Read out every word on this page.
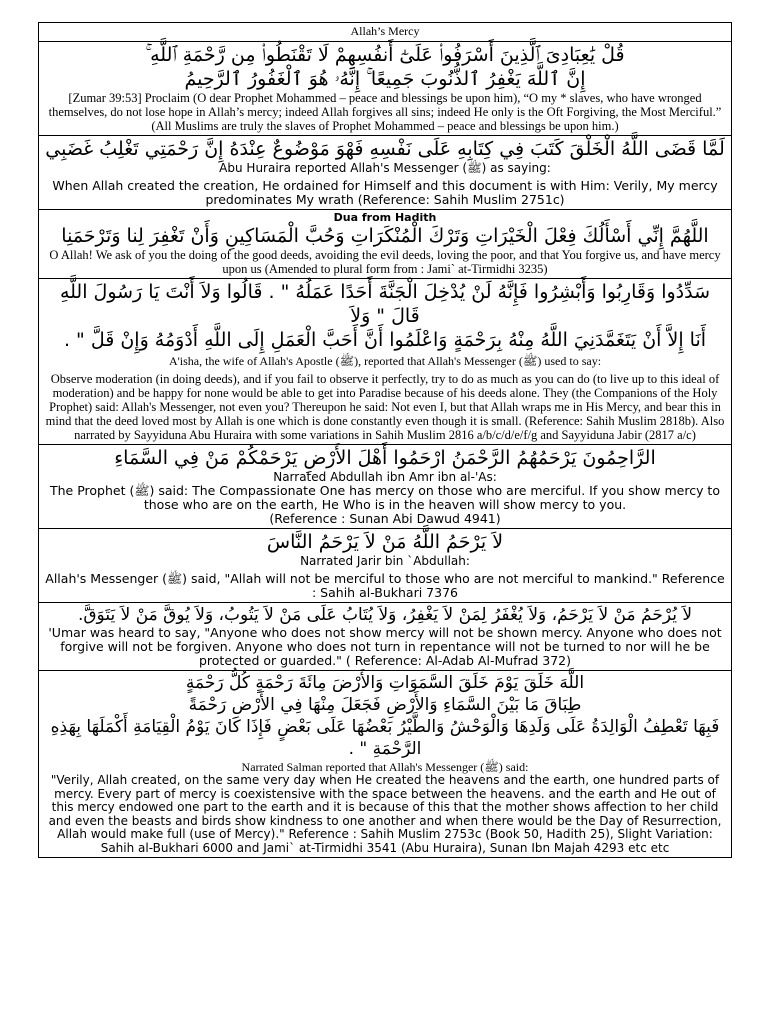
Allah’s Mercy
قُلْ يَٰعِبَادِىَ ٱلَّذِينَ أَسْرَفُوا۟ عَلَىٰٓ أَنفُسِهِمْ لَا تَقْنَطُوا۟ مِن رَّحْمَةِ ٱللَّهِ ۚ
إِنَّ ٱللَّهَ يَغْفِرُ ٱلذُّنُوبَ جَمِيعًا ۚ إِنَّهُۥ هُوَ ٱلْغَفُورُ ٱلرَّحِيمُ
[Zumar 39:53] Proclaim (O dear Prophet Mohammed – peace and blessings be upon him), “O my * slaves, who have wronged themselves, do not lose hope in Allah’s mercy; indeed Allah forgives all sins; indeed He only is the Oft Forgiving, the Most Merciful.” (All Muslims are truly the slaves of Prophet Mohammed – peace and blessings be upon him.)
لَمَّا قَضَى اللَّهُ الْخَلْقَ كَتَبَ فِي كِتَابِهِ عَلَى نَفْسِهِ فَهْوَ مَوْضُوعٌ عِنْدَهُ إِنَّ رَحْمَتِي تَغْلِبُ غَضَبِي
Abu Huraira reported Allah's Messenger (ﷺ) as saying:
When Allah created the creation, He ordained for Himself and this document is with Him: Verily, My mercy predominates My wrath (Reference: Sahih Muslim 2751c)
Dua from Hadith
اللَّهُمَّ إِنِّي أَسْأَلُكَ فِعْلَ الْخَيْرَاتِ وَتَرْكَ الْمُنْكَرَاتِ وَحُبَّ الْمَسَاكِينِ وَأَنْ تَغْفِرَ لِنا وَتَرْحَمَنِا
O Allah! We ask of you the doing of the good deeds, avoiding the evil deeds, loving the poor, and that You forgive us, and have mercy upon us (Amended to plural form from : Jami` at-Tirmidhi 3235)
سَدِّدُوا وَقَارِبُوا وَأَبْشِرُوا فَإِنَّهُ لَنْ يُدْخِلَ الْجَنَّةَ أَحَدًا عَمَلُهُ " . قَالُوا وَلاَ أَنْتَ يَا رَسُولَ اللَّهِ قَالَ " وَلاَ
أَنَا إِلاَّ أَنْ يَتَغَمَّدَنِيَ اللَّهُ مِنْهُ بِرَحْمَةٍ وَاعْلَمُوا أَنَّ أَحَبَّ الْعَمَلِ إِلَى اللَّهِ أَدْوَمُهُ وَإِنْ قَلَّ " .
A'isha, the wife of Allah's Apostle (ﷺ), reported that Allah's Messenger (ﷺ) used to say:
Observe moderation (in doing deeds), and if you fail to observe it perfectly, try to do as much as you can do (to live up to this ideal of moderation) and be happy for none would be able to get into Paradise because of his deeds alone. They (the Companions of the Holy Prophet) said: Allah's Messenger, not even you? Thereupon he said: Not even I, but that Allah wraps me in His Mercy, and bear this in mind that the deed loved most by Allah is one which is done constantly even though it is small. (Reference: Sahih Muslim 2818b). Also narrated by Sayyiduna Abu Huraira with some variations in Sahih Muslim 2816 a/b/c/d/e/f/g and Sayyiduna Jabir (2817 a/c)
الرَّاحِمُونَ يَرْحَمُهُمُ الرَّحْمَنُ ارْحَمُوا أَهْلَ الأَرْضِ يَرْحَمْكُمْ مَنْ فِي السَّمَاءِ
Narrated Abdullah ibn Amr ibn al-'As:
The Prophet (ﷺ) said: The Compassionate One has mercy on those who are merciful. If you show mercy to those who are on the earth, He Who is in the heaven will show mercy to you.
(Reference : Sunan Abi Dawud 4941)
لاَ يَرْحَمُ اللَّهُ مَنْ لاَ يَرْحَمُ النَّاسَ
Narrated Jarir bin `Abdullah:
Allah's Messenger (ﷺ) said, "Allah will not be merciful to those who are not merciful to mankind." Reference : Sahih al-Bukhari 7376
لاَ يُرْحَمُ مَنْ لاَ يَرْحَمُ، وَلاَ يُغْفَرُ لِمَنْ لاَ يَغْفِرُ، وَلاَ يُتَابُ عَلَى مَنْ لاَ يَتُوبُ، وَلاَ يُوقَّ مَنْ لاَ يَتَوَقَّ.
'Umar was heard to say, "Anyone who does not show mercy will not be shown mercy. Anyone who does not forgive will not be forgiven. Anyone who does not turn in repentance will not be turned to nor will he be protected or guarded." ( Reference: Al-Adab Al-Mufrad 372)
اللَّهَ خَلَقَ يَوْمَ خَلَقَ السَّمَوَاتِ وَالأَرْضَ مِائَةَ رَحْمَةٍ كُلُّ رَحْمَةٍ
طِبَاقَ مَا بَيْنَ السَّمَاءِ وَالأَرْضِ فَجَعَلَ مِنْهَا فِي الأَرْضِ رَحْمَةً
فَبِهَا تَعْطِفُ الْوَالِدَةُ عَلَى وَلَدِهَا وَالْوَحْشُ وَالطَّيْرُ بَعْضُهَا عَلَى بَعْضٍ فَإِذَا كَانَ يَوْمُ الْقِيَامَةِ أَكْمَلَهَا بِهَذِهِ
الرَّحْمَةِ " .
Narrated Salman reported that Allah's Messenger (ﷺ) said:
"Verily, Allah created, on the same very day when He created the heavens and the earth, one hundred parts of mercy. Every part of mercy is coexistensive with the space between the heavens. and the earth and He out of this mercy endowed one part to the earth and it is because of this that the mother shows affection to her child and even the beasts and birds show kindness to one another and when there would be the Day of Resurrection, Allah would make full (use of Mercy)." Reference : Sahih Muslim 2753c (Book 50, Hadith 25), Slight Variation: Sahih al-Bukhari 6000 and Jami` at-Tirmidhi 3541 (Abu Huraira), Sunan Ibn Majah 4293 etc etc
